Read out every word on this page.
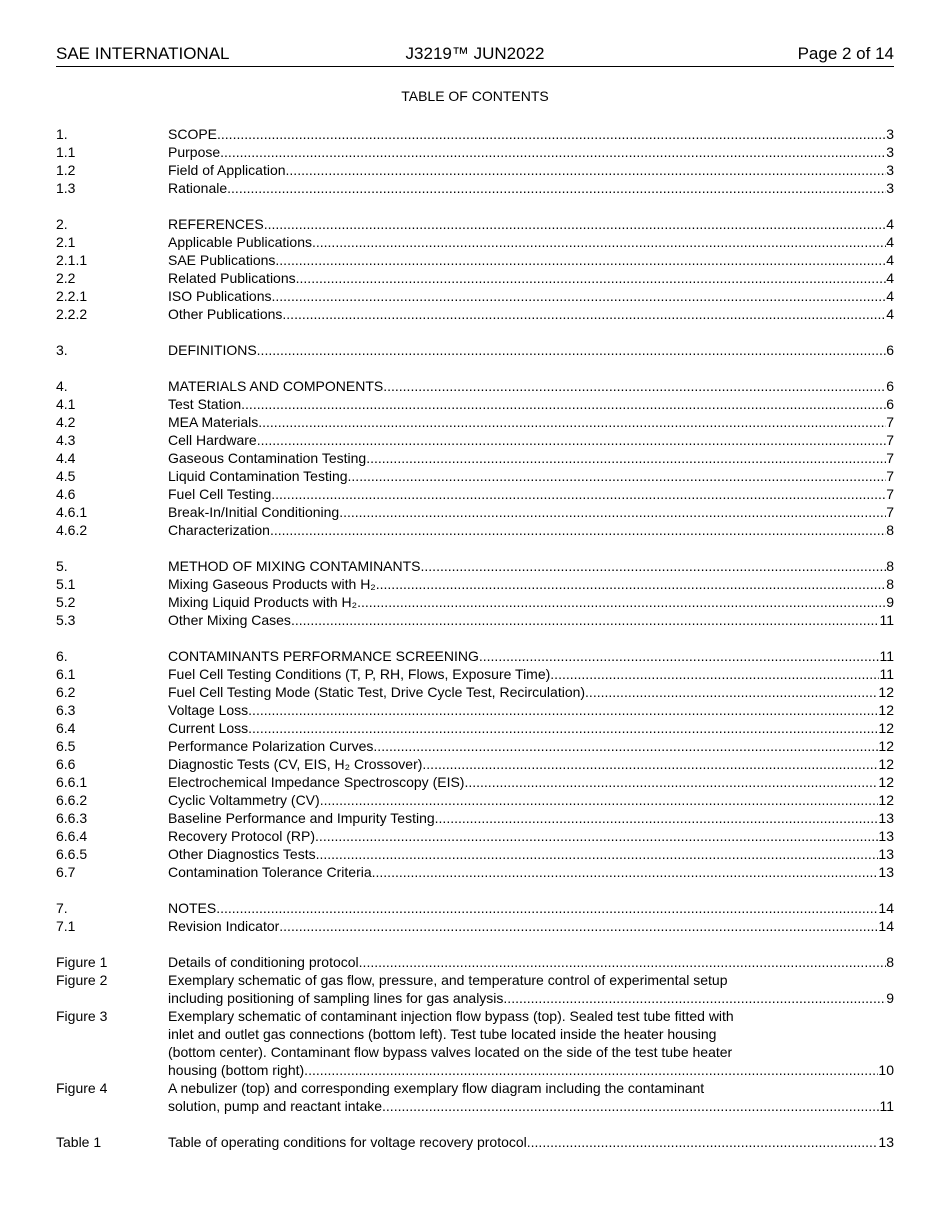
SAE INTERNATIONAL	J3219™ JUN2022	Page 2 of 14
TABLE OF CONTENTS
1.	SCOPE .....	3
1.1	Purpose .....	3
1.2	Field of Application .....	3
1.3	Rationale .....	3
2.	REFERENCES .....	4
2.1	Applicable Publications .....	4
2.1.1	SAE Publications .....	4
2.2	Related Publications .....	4
2.2.1	ISO Publications .....	4
2.2.2	Other Publications .....	4
3.	DEFINITIONS .....	6
4.	MATERIALS AND COMPONENTS .....	6
4.1	Test Station .....	6
4.2	MEA Materials .....	7
4.3	Cell Hardware .....	7
4.4	Gaseous Contamination Testing .....	7
4.5	Liquid Contamination Testing .....	7
4.6	Fuel Cell Testing .....	7
4.6.1	Break-In/Initial Conditioning .....	7
4.6.2	Characterization .....	8
5.	METHOD OF MIXING CONTAMINANTS .....	8
5.1	Mixing Gaseous Products with H₂ .....	8
5.2	Mixing Liquid Products with H₂ .....	9
5.3	Other Mixing Cases .....	11
6.	CONTAMINANTS PERFORMANCE SCREENING .....	11
6.1	Fuel Cell Testing Conditions (T, P, RH, Flows, Exposure Time) .....	11
6.2	Fuel Cell Testing Mode (Static Test, Drive Cycle Test, Recirculation) .....	12
6.3	Voltage Loss .....	12
6.4	Current Loss .....	12
6.5	Performance Polarization Curves .....	12
6.6	Diagnostic Tests (CV, EIS, H₂ Crossover) .....	12
6.6.1	Electrochemical Impedance Spectroscopy (EIS) .....	12
6.6.2	Cyclic Voltammetry (CV) .....	12
6.6.3	Baseline Performance and Impurity Testing .....	13
6.6.4	Recovery Protocol (RP) .....	13
6.6.5	Other Diagnostics Tests .....	13
6.7	Contamination Tolerance Criteria .....	13
7.	NOTES .....	14
7.1	Revision Indicator .....	14
Figure 1	Details of conditioning protocol .....	8
Figure 2	Exemplary schematic of gas flow, pressure, and temperature control of experimental setup
including positioning of sampling lines for gas analysis .....	9
Figure 3	Exemplary schematic of contaminant injection flow bypass (top). Sealed test tube fitted with
inlet and outlet gas connections (bottom left). Test tube located inside the heater housing
(bottom center). Contaminant flow bypass valves located on the side of the test tube heater
housing (bottom right). .....	10
Figure 4	A nebulizer (top) and corresponding exemplary flow diagram including the contaminant
solution, pump and reactant intake .....	11
Table 1	Table of operating conditions for voltage recovery protocol .....	13
